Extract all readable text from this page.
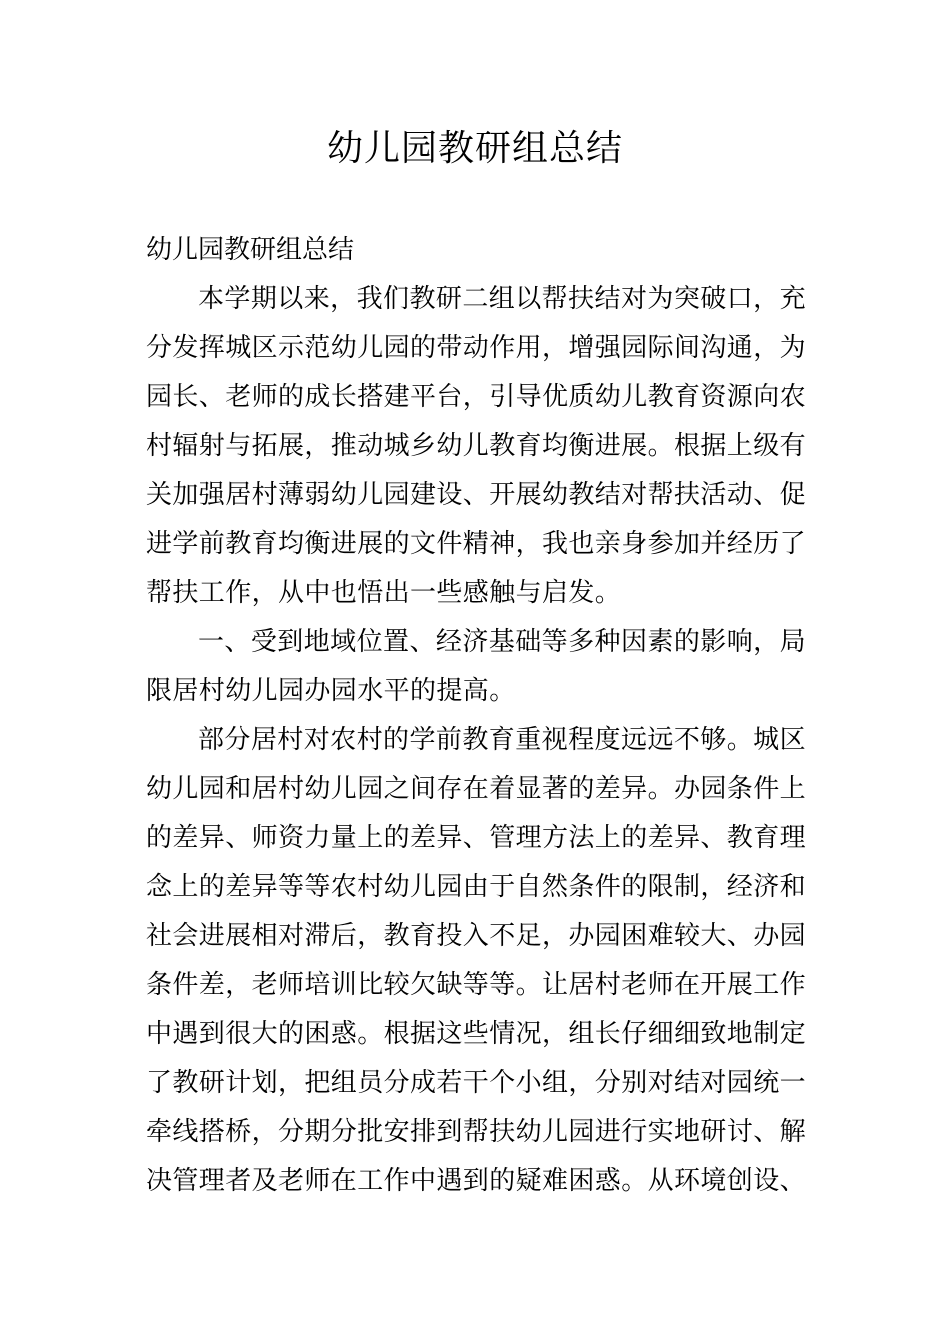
幼儿园教研组总结

幼儿园教研组总结

本学期以来，我们教研二组以帮扶结对为突破口，充分发挥城区示范幼儿园的带动作用，增强园际间沟通，为园长、老师的成长搭建平台，引导优质幼儿教育资源向农村辐射与拓展，推动城乡幼儿教育均衡进展。根据上级有关加强居村薄弱幼儿园建设、开展幼教结对帮扶活动、促进学前教育均衡进展的文件精神，我也亲身参加并经历了帮扶工作，从中也悟出一些感触与启发。

一、受到地域位置、经济基础等多种因素的影响，局限居村幼儿园办园水平的提高。

部分居村对农村的学前教育重视程度远远不够。城区幼儿园和居村幼儿园之间存在着显著的差异。办园条件上的差异、师资力量上的差异、管理方法上的差异、教育理念上的差异等等农村幼儿园由于自然条件的限制，经济和社会进展相对滞后，教育投入不足，办园困难较大、办园条件差，老师培训比较欠缺等等。让居村老师在开展工作中遇到很大的困惑。根据这些情况，组长仔细细致地制定了教研计划，把组员分成若干个小组，分别对结对园统一牵线搭桥，分期分批安排到帮扶幼儿园进行实地研讨、解决管理者及老师在工作中遇到的疑难困惑。从环境创设、
